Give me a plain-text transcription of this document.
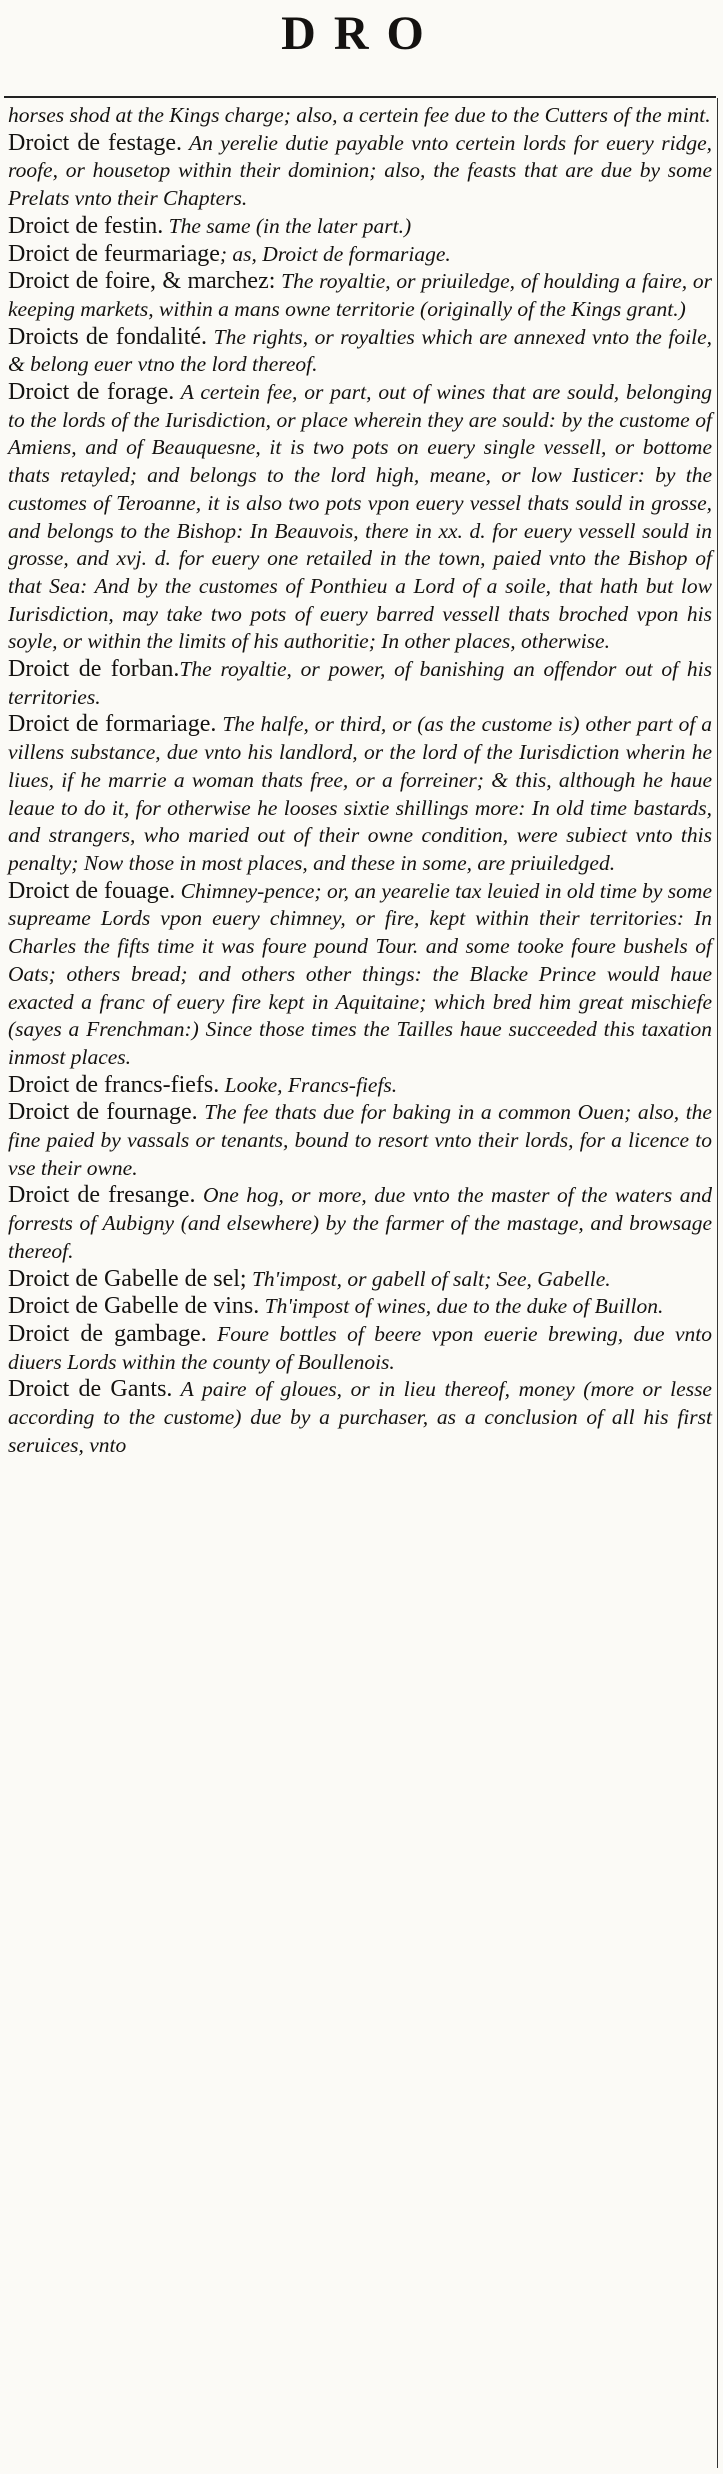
DRO

horses shod at the Kings charge; also, a certein fee due to the Cutters of the mint.

Droict de festage. An yerelie dutie payable vnto certein lords for euery ridge, roofe, or housetop within their dominion; also, the feasts that are due by some Prelats vnto their Chapters.

Droict de festin. The same (in the later part.)

Droict de feurmariage; as, Droict de formariage.

Droict de foire, & marchez: The royaltie, or priuiledge, of houlding a faire, or keeping markets, within a mans owne territorie (originally of the Kings grant.)

Droicts de fondalité. The rights, or royalties which are annexed vnto the foile, & belong euer vtno the lord thereof.

Droict de forage. A certein fee, or part, out of wines that are sould, belonging to the lords of the Iurisdiction, or place wherein they are sould: by the custome of Amiens, and of Beauquesne, it is two pots on euery single vessell, or bottome thats retayled; and belongs to the lord high, meane, or low Iusticer: by the customes of Teroanne, it is also two pots vpon euery vessel thats sould in grosse, and belongs to the Bishop: In Beauvois, there in xx. d. for euery vessell sould in grosse, and xvj. d. for euery one retailed in the town, paied vnto the Bishop of that Sea: And by the customes of Ponthieu a Lord of a soile, that hath but low Iurisdiction, may take two pots of euery barred vessell thats broched vpon his soyle, or within the limits of his authoritie; In other places, otherwise.

Droict de forban.The royaltie, or power, of banishing an offendor out of his territories.

Droict de formariage. The halfe, or third, or (as the custome is) other part of a villens substance, due vnto his landlord, or the lord of the Iurisdiction wherin he liues, if he marrie a woman thats free, or a forreiner; & this, although he haue leaue to do it, for otherwise he looses sixtie shillings more: In old time bastards, and strangers, who maried out of their owne condition, were subiect vnto this penalty; Now those in most places, and these in some, are priuiledged.

Droict de fouage. Chimney-pence; or, an yearelie tax leuied in old time by some supreame Lords vpon euery chimney, or fire, kept within their territories: In Charles the fifts time it was foure pound Tour. and some tooke foure bushels of Oats; others bread; and others other things: the Blacke Prince would haue exacted a franc of euery fire kept in Aquitaine; which bred him great mischiefe (sayes a Frenchman:) Since those times the Tailles haue succeeded this taxation inmost places.

Droict de francs-fiefs. Looke, Francs-fiefs.

Droict de fournage. The fee thats due for baking in a common Ouen; also, the fine paied by vassals or tenants, bound to resort vnto their lords, for a licence to vse their owne.

Droict de fresange. One hog, or more, due vnto the master of the waters and forrests of Aubigny (and elsewhere) by the farmer of the mastage, and browsage thereof.

Droict de Gabelle de sel; Th'impost, or gabell of salt; See, Gabelle.

Droict de Gabelle de vins. Th'impost of wines, due to the duke of Buillon.

Droict de gambage. Foure bottles of beere vpon euerie brewing, due vnto diuers Lords within the county of Boullenois.

Droict de Gants. A paire of gloues, or in lieu thereof, money (more or lesse according to the custome) due by a purchaser, as a conclusion of all his first seruices, vnto
